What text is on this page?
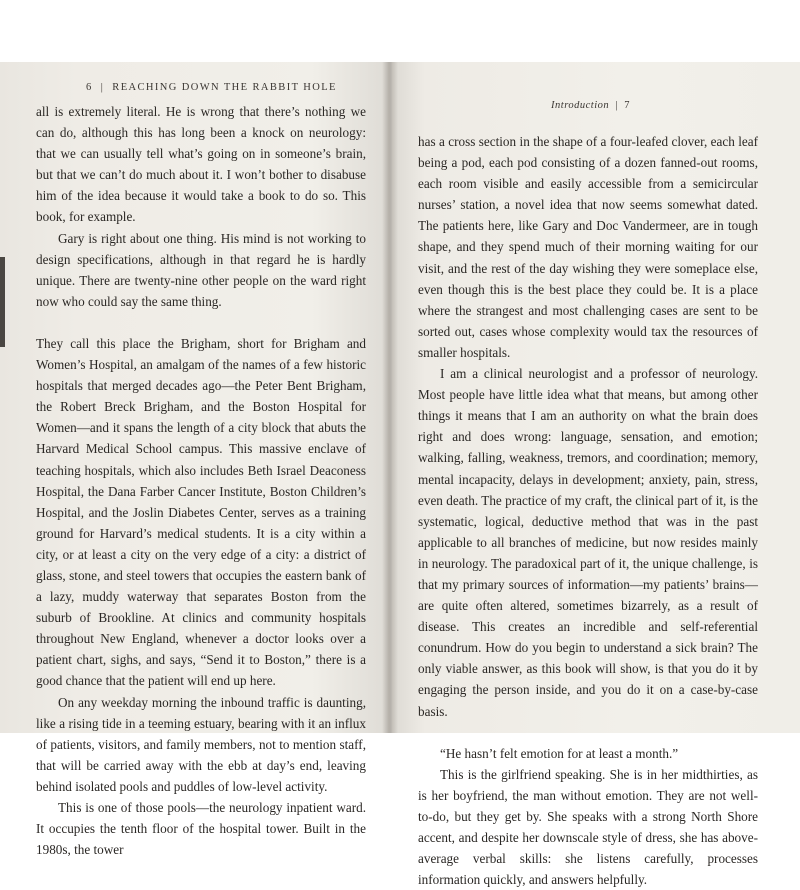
6 | REACHING DOWN THE RABBIT HOLE

all is extremely literal. He is wrong that there’s nothing we can do, although this has long been a knock on neurology: that we can usually tell what’s going on in someone’s brain, but that we can’t do much about it. I won’t bother to disabuse him of the idea because it would take a book to do so. This book, for example.

Gary is right about one thing. His mind is not working to design specifications, although in that regard he is hardly unique. There are twenty-nine other people on the ward right now who could say the same thing.

They call this place the Brigham, short for Brigham and Women’s Hospital, an amalgam of the names of a few historic hospitals that merged decades ago—the Peter Bent Brigham, the Robert Breck Brigham, and the Boston Hospital for Women—and it spans the length of a city block that abuts the Harvard Medical School campus. This massive enclave of teaching hospitals, which also includes Beth Israel Deaconess Hospital, the Dana Farber Cancer Institute, Boston Children’s Hospital, and the Joslin Diabetes Center, serves as a training ground for Harvard’s medical students. It is a city within a city, or at least a city on the very edge of a city: a district of glass, stone, and steel towers that occupies the eastern bank of a lazy, muddy waterway that separates Boston from the suburb of Brookline. At clinics and community hospitals throughout New England, whenever a doctor looks over a patient chart, sighs, and says, “Send it to Boston,” there is a good chance that the patient will end up here.

On any weekday morning the inbound traffic is daunting, like a rising tide in a teeming estuary, bearing with it an influx of patients, visitors, and family members, not to mention staff, that will be carried away with the ebb at day’s end, leaving behind isolated pools and puddles of low-level activity.

This is one of those pools—the neurology inpatient ward. It occupies the tenth floor of the hospital tower. Built in the 1980s, the tower

Introduction | 7

has a cross section in the shape of a four-leafed clover, each leaf being a pod, each pod consisting of a dozen fanned-out rooms, each room visible and easily accessible from a semicircular nurses’ station, a novel idea that now seems somewhat dated. The patients here, like Gary and Doc Vandermeer, are in tough shape, and they spend much of their morning waiting for our visit, and the rest of the day wishing they were someplace else, even though this is the best place they could be. It is a place where the strangest and most challenging cases are sent to be sorted out, cases whose complexity would tax the resources of smaller hospitals.

I am a clinical neurologist and a professor of neurology. Most people have little idea what that means, but among other things it means that I am an authority on what the brain does right and does wrong: language, sensation, and emotion; walking, falling, weakness, tremors, and coordination; memory, mental incapacity, delays in development; anxiety, pain, stress, even death. The practice of my craft, the clinical part of it, is the systematic, logical, deductive method that was in the past applicable to all branches of medicine, but now resides mainly in neurology. The paradoxical part of it, the unique challenge, is that my primary sources of information—my patients’ brains—are quite often altered, sometimes bizarrely, as a result of disease. This creates an incredible and self-referential conundrum. How do you begin to understand a sick brain? The only viable answer, as this book will show, is that you do it by engaging the person inside, and you do it on a case-by-case basis.

“He hasn’t felt emotion for at least a month.”

This is the girlfriend speaking. She is in her midthirties, as is her boyfriend, the man without emotion. They are not well-to-do, but they get by. She speaks with a strong North Shore accent, and despite her downscale style of dress, she has above-average verbal skills: she listens carefully, processes information quickly, and answers helpfully.
